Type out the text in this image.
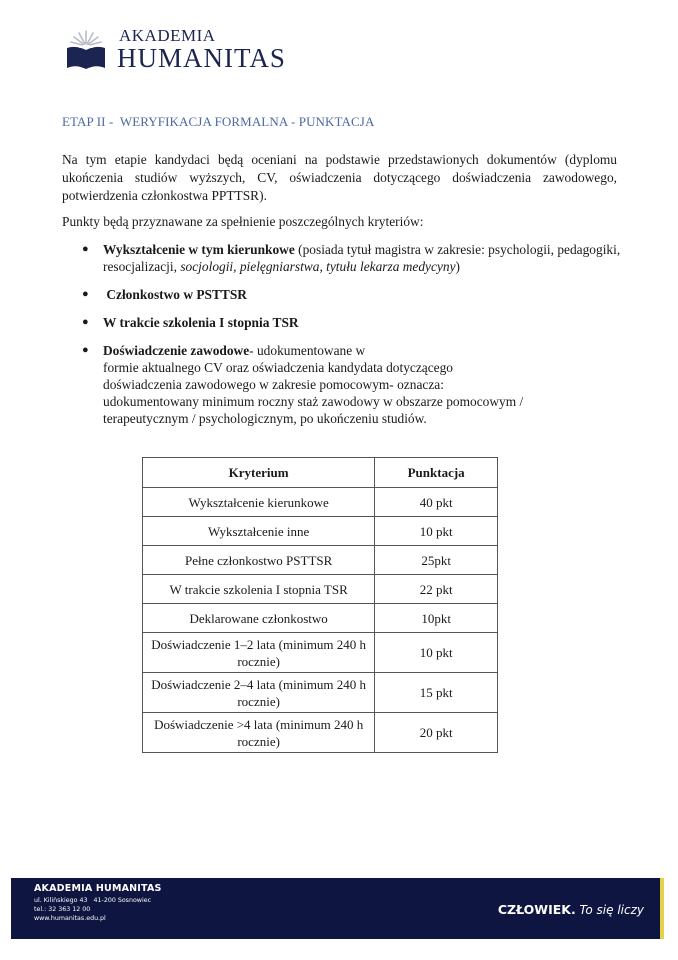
AKADEMIA
HUMANITAS
ETAP II -  WERYFIKACJA FORMALNA - PUNKTACJA

Na tym etapie kandydaci będą oceniani na podstawie przedstawionych dokumentów (dyplomu ukończenia studiów wyższych, CV, oświadczenia dotyczącego doświadczenia zawodowego, potwierdzenia członkostwa PPTTSR).

Punkty będą przyznawane za spełnienie poszczególnych kryteriów:

● Wykształcenie w tym kierunkowe (posiada tytuł magistra w zakresie: psychologii, pedagogiki, resocjalizacji, socjologii, pielęgniarstwa, tytułu lekarza medycyny)
● Członkostwo w PSTTSR
● W trakcie szkolenia I stopnia TSR
● Doświadczenie zawodowe- udokumentowane w
formie aktualnego CV oraz oświadczenia kandydata dotyczącego doświadczenia zawodowego w zakresie pomocowym- oznacza: udokumentowany minimum roczny staż zawodowy w obszarze pomocowym / terapeutycznym / psychologicznym, po ukończeniu studiów.
Kryterium	Punktacja
Wykształcenie kierunkowe	40 pkt
Wykształcenie inne	10 pkt
Pełne członkostwo PSTTSR	25pkt
W trakcie szkolenia I stopnia TSR	22 pkt
Deklarowane członkostwo	10pkt
Doświadczenie 1–2 lata (minimum 240 h rocznie)	10 pkt
Doświadczenie 2–4 lata (minimum 240 h rocznie)	15 pkt
Doświadczenie >4 lata (minimum 240 h rocznie)	20 pkt
AKADEMIA HUMANITAS
ul. Kilińskiego 43   41-200 Sosnowiec
tel.: 32 363 12 00
www.humanitas.edu.pl
CZŁOWIEK. To się liczy
